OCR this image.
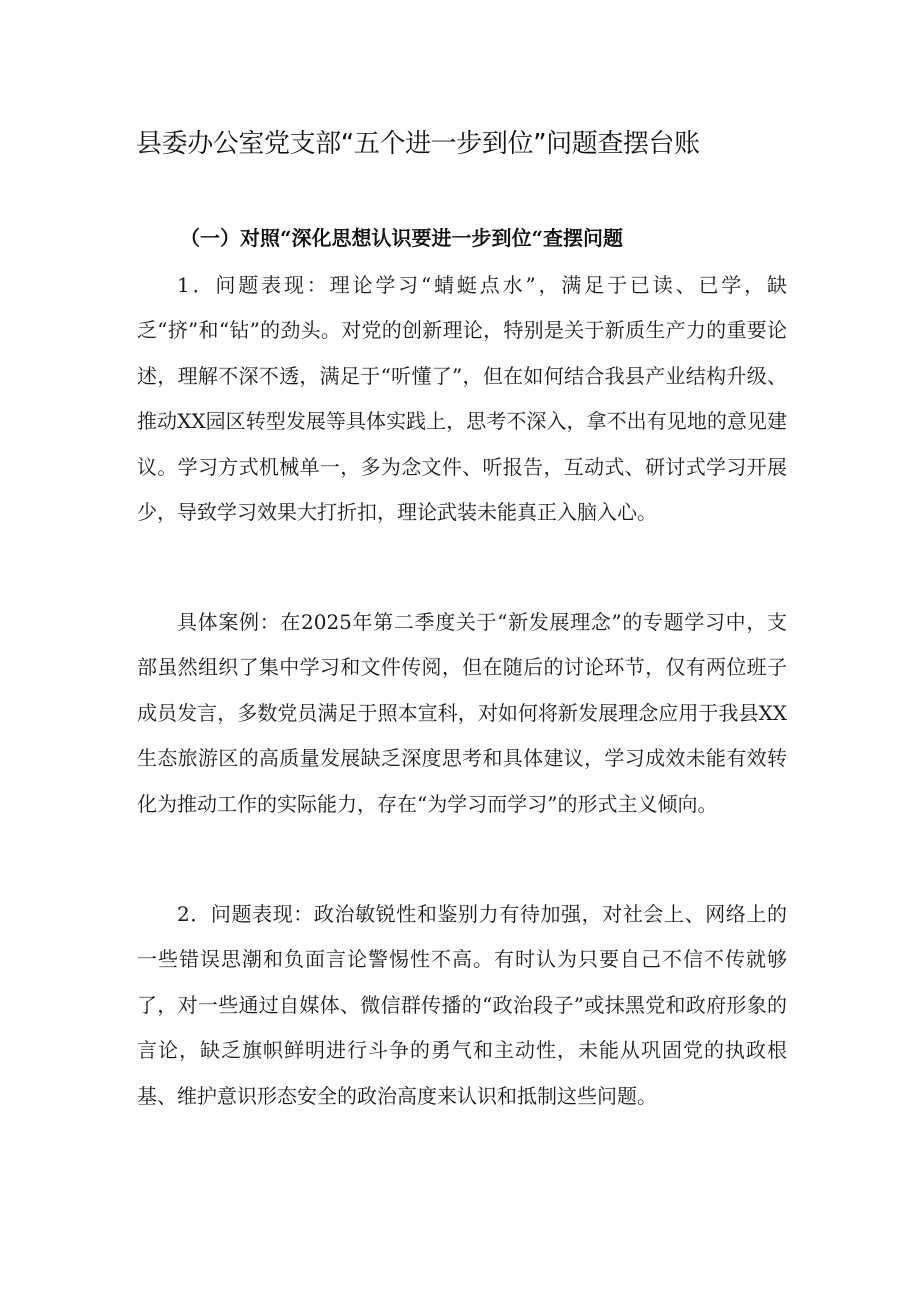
县委办公室党支部“五个进一步到位”问题查摆台账
（一）对照“深化思想认识要进一步到位“查摆问题

1．问题表现：理论学习“蜻蜓点水”，满足于已读、已学，缺乏“挤”和“钻”的劲头。对党的创新理论，特别是关于新质生产力的重要论述，理解不深不透，满足于“听懂了”，但在如何结合我县产业结构升级、推动XX园区转型发展等具体实践上，思考不深入，拿不出有见地的意见建议。学习方式机械单一，多为念文件、听报告，互动式、研讨式学习开展少，导致学习效果大打折扣，理论武装未能真正入脑入心。

具体案例：在2025年第二季度关于“新发展理念”的专题学习中，支部虽然组织了集中学习和文件传阅，但在随后的讨论环节，仅有两位班子成员发言，多数党员满足于照本宣科，对如何将新发展理念应用于我县XX生态旅游区的高质量发展缺乏深度思考和具体建议，学习成效未能有效转化为推动工作的实际能力，存在“为学习而学习”的形式主义倾向。

2．问题表现：政治敏锐性和鉴别力有待加强，对社会上、网络上的一些错误思潮和负面言论警惕性不高。有时认为只要自己不信不传就够了，对一些通过自媒体、微信群传播的“政治段子”或抹黑党和政府形象的言论，缺乏旗帜鲜明进行斗争的勇气和主动性，未能从巩固党的执政根基、维护意识形态安全的政治高度来认识和抵制这些问题。
